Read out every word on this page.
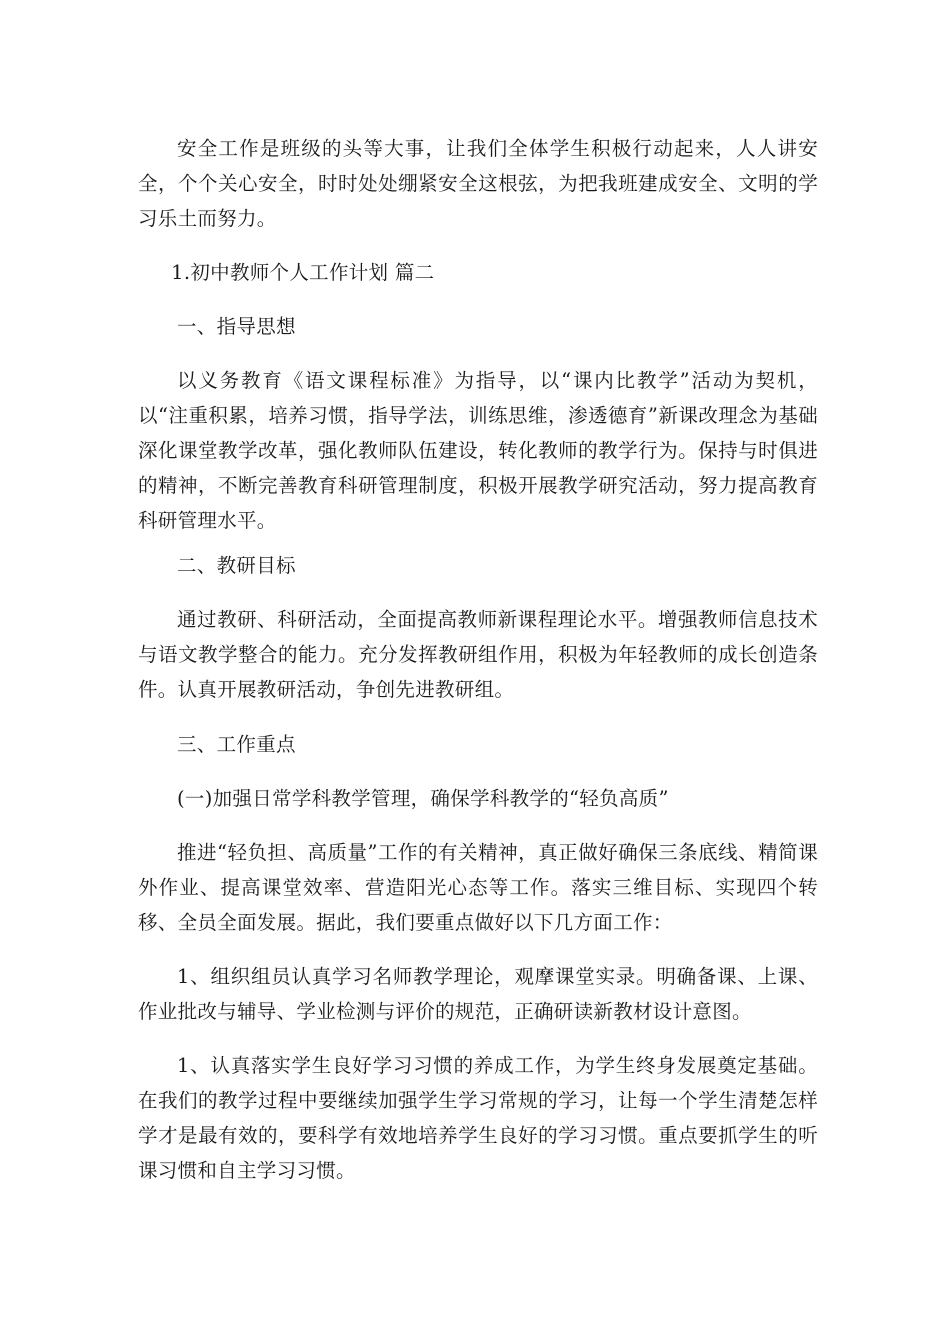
安全工作是班级的头等大事，让我们全体学生积极行动起来，人人讲安全，个个关心安全，时时处处绷紧安全这根弦，为把我班建成安全、文明的学习乐土而努力。

1.初中教师个人工作计划 篇二

一、指导思想

以义务教育《语文课程标准》为指导，以“课内比教学”活动为契机，以“注重积累，培养习惯，指导学法，训练思维，渗透德育”新课改理念为基础深化课堂教学改革，强化教师队伍建设，转化教师的教学行为。保持与时俱进的精神，不断完善教育科研管理制度，积极开展教学研究活动，努力提高教育科研管理水平。

二、教研目标

通过教研、科研活动，全面提高教师新课程理论水平。增强教师信息技术与语文教学整合的能力。充分发挥教研组作用，积极为年轻教师的成长创造条件。认真开展教研活动，争创先进教研组。

三、工作重点

(一)加强日常学科教学管理，确保学科教学的“轻负高质”

推进“轻负担、高质量”工作的有关精神，真正做好确保三条底线、精简课外作业、提高课堂效率、营造阳光心态等工作。落实三维目标、实现四个转移、全员全面发展。据此，我们要重点做好以下几方面工作：

1、组织组员认真学习名师教学理论，观摩课堂实录。明确备课、上课、作业批改与辅导、学业检测与评价的规范，正确研读新教材设计意图。

1、认真落实学生良好学习习惯的养成工作，为学生终身发展奠定基础。在我们的教学过程中要继续加强学生学习常规的学习，让每一个学生清楚怎样学才是最有效的，要科学有效地培养学生良好的学习习惯。重点要抓学生的听课习惯和自主学习习惯。
